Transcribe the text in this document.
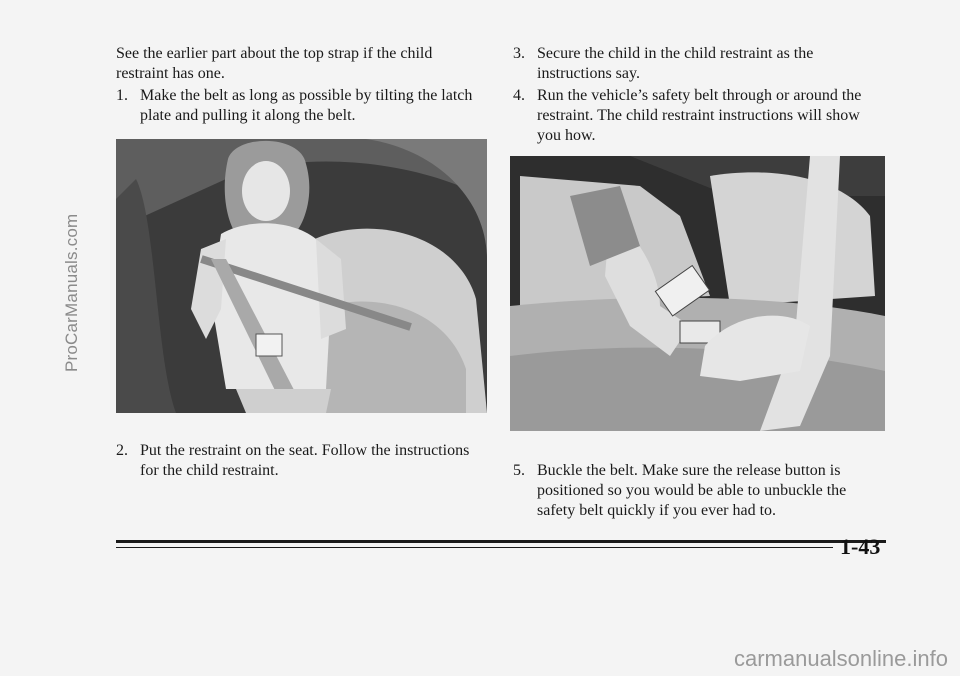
ProCarManuals.com

See the earlier part about the top strap if the child restraint has one.

1. Make the belt as long as possible by tilting the latch
plate and pulling it along the belt.
2. Put the restraint on the seat. Follow the instructions
for the child restraint.
3. Secure the child in the child restraint as the
instructions say.
4. Run the vehicle’s safety belt through or around the
restraint. The child restraint instructions will show
you how.
5. Buckle the belt. Make sure the release button is
positioned so you would be able to unbuckle the
safety belt quickly if you ever had to.
1-43
carmanualsonline.info
